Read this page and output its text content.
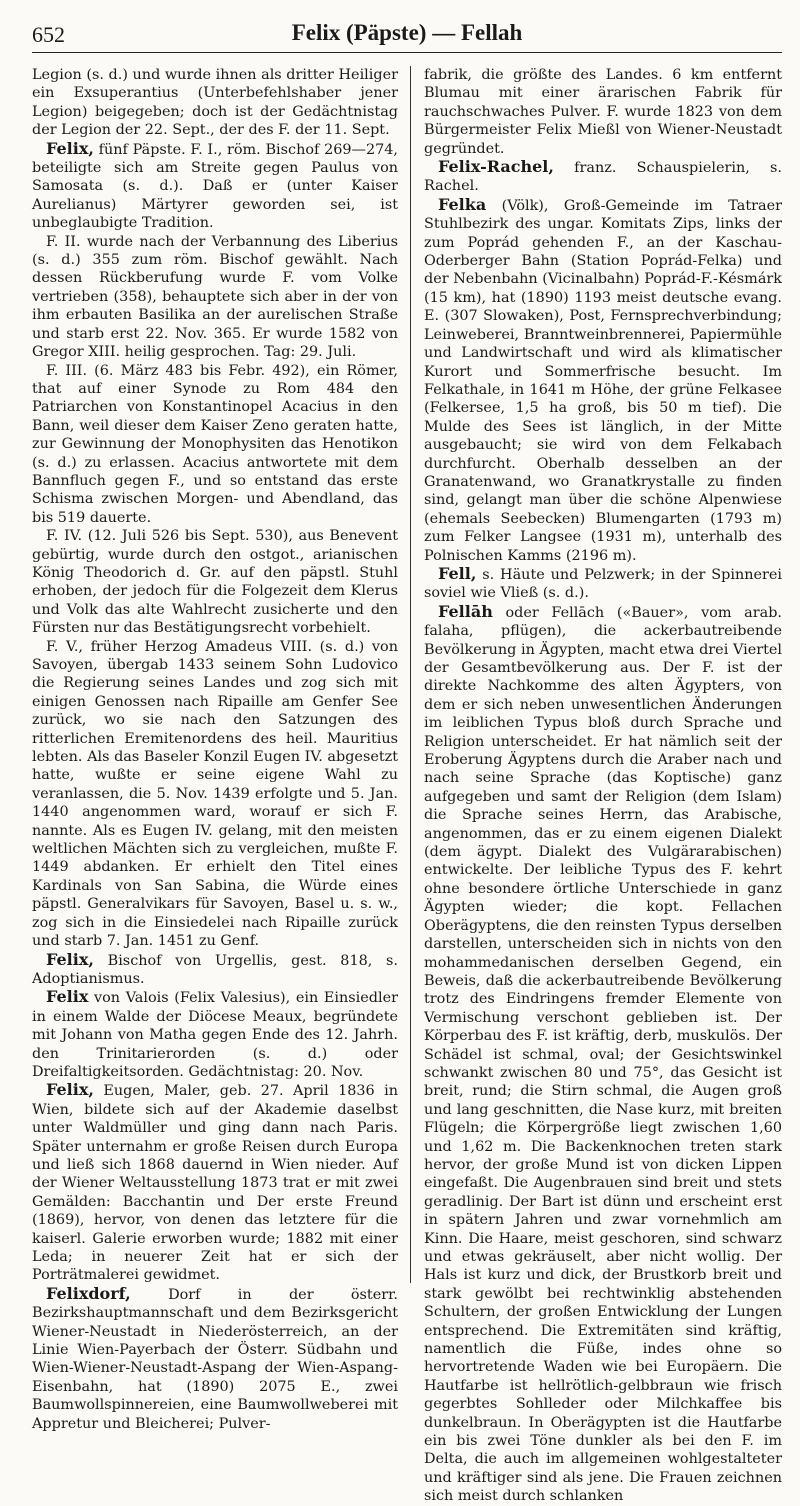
652	Felix (Päpste) — Fellah

Legion (s. d.) und wurde ihnen als dritter Heiliger ein Exsuperantius (Unterbefehlshaber jener Legion) beigegeben; doch ist der Gedächtnistag der Legion der 22. Sept., der des F. der 11. Sept.

Felix, fünf Päpste. F. I., röm. Bischof 269—274, beteiligte sich am Streite gegen Paulus von Samosata (s. d.). Daß er (unter Kaiser Aurelianus) Märtyrer geworden sei, ist unbeglaubigte Tradition.

F. II. wurde nach der Verbannung des Liberius (s. d.) 355 zum röm. Bischof gewählt. Nach dessen Rückberufung wurde F. vom Volke vertrieben (358), behauptete sich aber in der von ihm erbauten Basilika an der aurelischen Straße und starb erst 22. Nov. 365. Er wurde 1582 von Gregor XIII. heilig gesprochen. Tag: 29. Juli.

F. III. (6. März 483 bis Febr. 492), ein Römer, that auf einer Synode zu Rom 484 den Patriarchen von Konstantinopel Acacius in den Bann, weil dieser dem Kaiser Zeno geraten hatte, zur Gewinnung der Monophysiten das Henotikon (s. d.) zu erlassen. Acacius antwortete mit dem Bannfluch gegen F., und so entstand das erste Schisma zwischen Morgen- und Abendland, das bis 519 dauerte.

F. IV. (12. Juli 526 bis Sept. 530), aus Benevent gebürtig, wurde durch den ostgot., arianischen König Theodorich d. Gr. auf den päpstl. Stuhl erhoben, der jedoch für die Folgezeit dem Klerus und Volk das alte Wahlrecht zusicherte und den Fürsten nur das Bestätigungsrecht vorbehielt.

F. V., früher Herzog Amadeus VIII. (s. d.) von Savoyen, übergab 1433 seinem Sohn Ludovico die Regierung seines Landes und zog sich mit einigen Genossen nach Ripaille am Genfer See zurück, wo sie nach den Satzungen des ritterlichen Eremitenordens des heil. Mauritius lebten. Als das Baseler Konzil Eugen IV. abgesetzt hatte, wußte er seine eigene Wahl zu veranlassen, die 5. Nov. 1439 erfolgte und 5. Jan. 1440 angenommen ward, worauf er sich F. nannte. Als es Eugen IV. gelang, mit den meisten weltlichen Mächten sich zu vergleichen, mußte F. 1449 abdanken. Er erhielt den Titel eines Kardinals von San Sabina, die Würde eines päpstl. Generalvikars für Savoyen, Basel u. s. w., zog sich in die Einsiedelei nach Ripaille zurück und starb 7. Jan. 1451 zu Genf.

Felix, Bischof von Urgellis, gest. 818, s. Adoptianismus.

Felix von Valois (Felix Valesius), ein Einsiedler in einem Walde der Diöcese Meaux, begründete mit Johann von Matha gegen Ende des 12. Jahrh. den Trinitarierorden (s. d.) oder Dreifaltigkeitsorden. Gedächtnistag: 20. Nov.

Felix, Eugen, Maler, geb. 27. April 1836 in Wien, bildete sich auf der Akademie daselbst unter Waldmüller und ging dann nach Paris. Später unternahm er große Reisen durch Europa und ließ sich 1868 dauernd in Wien nieder. Auf der Wiener Weltausstellung 1873 trat er mit zwei Gemälden: Bacchantin und Der erste Freund (1869), hervor, von denen das letztere für die kaiserl. Galerie erworben wurde; 1882 mit einer Leda; in neuerer Zeit hat er sich der Porträtmalerei gewidmet.

Felixdorf, Dorf in der österr. Bezirkshauptmannschaft und dem Bezirksgericht Wiener-Neustadt in Niederösterreich, an der Linie Wien-Payerbach der Österr. Südbahn und Wien-Wiener-Neustadt-Aspang der Wien-Aspang-Eisenbahn, hat (1890) 2075 E., zwei Baumwollspinnereien, eine Baumwollweberei mit Appretur und Bleicherei; Pulver-

fabrik, die größte des Landes. 6 km entfernt Blumau mit einer ärarischen Fabrik für rauchschwaches Pulver. F. wurde 1823 von dem Bürgermeister Felix Mießl von Wiener-Neustadt gegründet.

Felix-Rachel, franz. Schauspielerin, s. Rachel.

Felka (Völk), Groß-Gemeinde im Tatraer Stuhlbezirk des ungar. Komitats Zips, links der zum Poprád gehenden F., an der Kaschau-Oderberger Bahn (Station Poprád-Felka) und der Nebenbahn (Vicinalbahn) Poprád-F.-Késmárk (15 km), hat (1890) 1193 meist deutsche evang. E. (307 Slowaken), Post, Fernsprechverbindung; Leinweberei, Branntweinbrennerei, Papiermühle und Landwirtschaft und wird als klimatischer Kurort und Sommerfrische besucht. Im Felkathale, in 1641 m Höhe, der grüne Felkasee (Felkersee, 1,5 ha groß, bis 50 m tief). Die Mulde des Sees ist länglich, in der Mitte ausgebaucht; sie wird von dem Felkabach durchfurcht. Oberhalb desselben an der Granatenwand, wo Granatkrystalle zu finden sind, gelangt man über die schöne Alpenwiese (ehemals Seebecken) Blumengarten (1793 m) zum Felker Langsee (1931 m), unterhalb des Polnischen Kamms (2196 m).

Fell, s. Häute und Pelzwerk; in der Spinnerei soviel wie Vließ (s. d.).

Fellāh oder Fellāch («Bauer», vom arab. falaha, pflügen), die ackerbautreibende Bevölkerung in Ägypten, macht etwa drei Viertel der Gesamtbevölkerung aus. Der F. ist der direkte Nachkomme des alten Ägypters, von dem er sich neben unwesentlichen Änderungen im leiblichen Typus bloß durch Sprache und Religion unterscheidet. Er hat nämlich seit der Eroberung Ägyptens durch die Araber nach und nach seine Sprache (das Koptische) ganz aufgegeben und samt der Religion (dem Islam) die Sprache seines Herrn, das Arabische, angenommen, das er zu einem eigenen Dialekt (dem ägypt. Dialekt des Vulgärarabischen) entwickelte. Der leibliche Typus des F. kehrt ohne besondere örtliche Unterschiede in ganz Ägypten wieder; die kopt. Fellachen Oberägyptens, die den reinsten Typus derselben darstellen, unterscheiden sich in nichts von den mohammedanischen derselben Gegend, ein Beweis, daß die ackerbautreibende Bevölkerung trotz des Eindringens fremder Elemente von Vermischung verschont geblieben ist. Der Körperbau des F. ist kräftig, derb, muskulös. Der Schädel ist schmal, oval; der Gesichtswinkel schwankt zwischen 80 und 75°, das Gesicht ist breit, rund; die Stirn schmal, die Augen groß und lang geschnitten, die Nase kurz, mit breiten Flügeln; die Körpergröße liegt zwischen 1,60 und 1,62 m. Die Backenknochen treten stark hervor, der große Mund ist von dicken Lippen eingefaßt. Die Augenbrauen sind breit und stets geradlinig. Der Bart ist dünn und erscheint erst in spätern Jahren und zwar vornehmlich am Kinn. Die Haare, meist geschoren, sind schwarz und etwas gekräuselt, aber nicht wollig. Der Hals ist kurz und dick, der Brustkorb breit und stark gewölbt bei rechtwinklig abstehenden Schultern, der großen Entwicklung der Lungen entsprechend. Die Extremitäten sind kräftig, namentlich die Füße, indes ohne so hervortretende Waden wie bei Europäern. Die Hautfarbe ist hellrötlich-gelbbraun wie frisch gegerbtes Sohlleder oder Milchkaffee bis dunkelbraun. In Oberägypten ist die Hautfarbe ein bis zwei Töne dunkler als bei den F. im Delta, die auch im allgemeinen wohlgestalteter und kräftiger sind als jene. Die Frauen zeichnen sich meist durch schlanken
